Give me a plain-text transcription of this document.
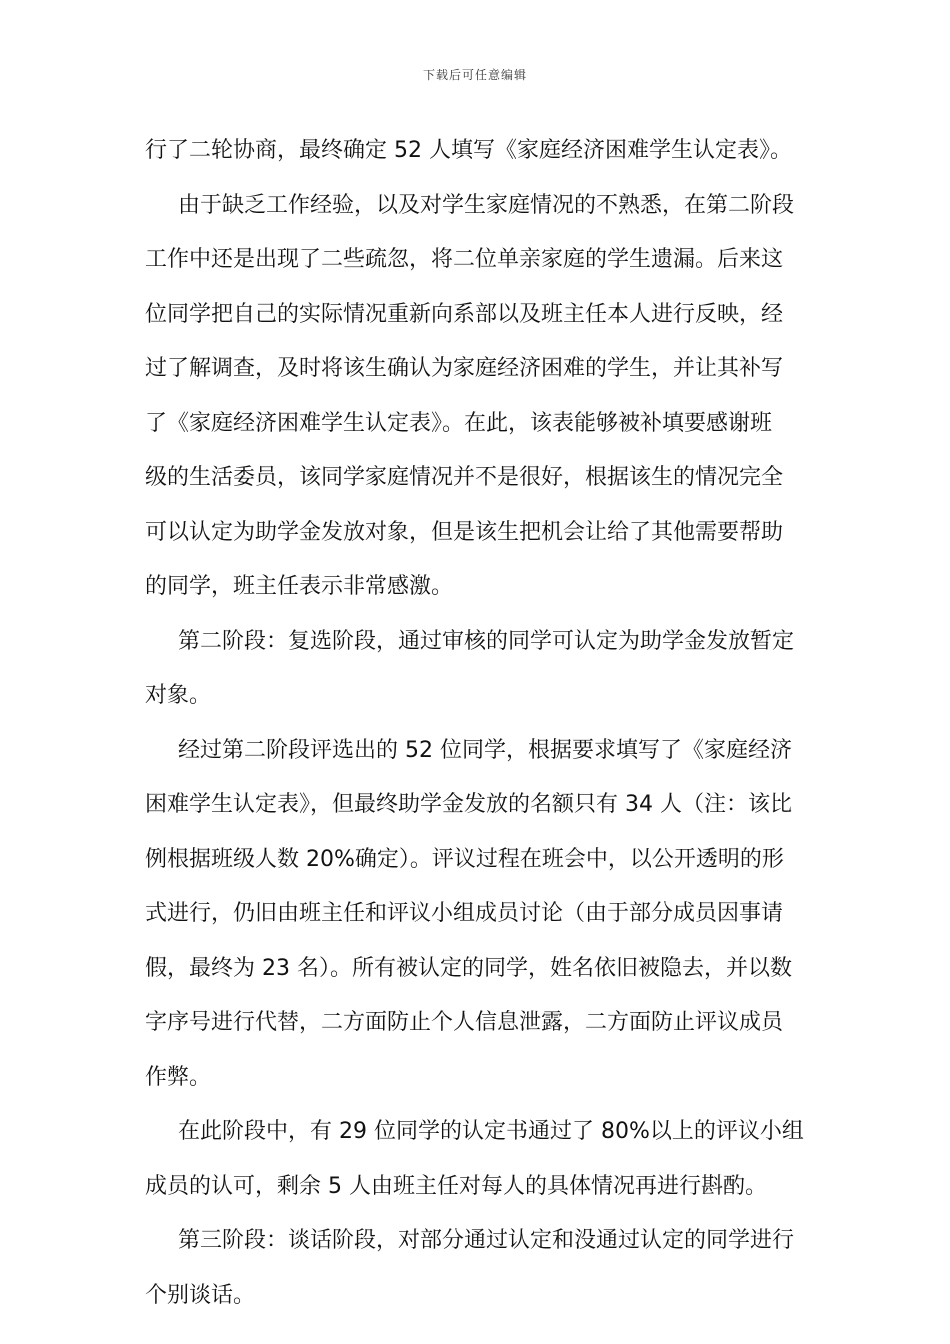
下载后可任意编辑

行了二轮协商，最终确定 52 人填写《家庭经济困难学生认定表》。

由于缺乏工作经验，以及对学生家庭情况的不熟悉，在第二阶段
工作中还是出现了二些疏忽，将二位单亲家庭的学生遗漏。后来这
位同学把自己的实际情况重新向系部以及班主任本人进行反映，经
过了解调查，及时将该生确认为家庭经济困难的学生，并让其补写
了《家庭经济困难学生认定表》。在此，该表能够被补填要感谢班
级的生活委员，该同学家庭情况并不是很好，根据该生的情况完全
可以认定为助学金发放对象，但是该生把机会让给了其他需要帮助
的同学，班主任表示非常感激。

第二阶段：复选阶段，通过审核的同学可认定为助学金发放暂定
对象。

经过第二阶段评选出的 52 位同学，根据要求填写了《家庭经济
困难学生认定表》，但最终助学金发放的名额只有 34 人（注：该比
例根据班级人数 20%确定）。评议过程在班会中，以公开透明的形
式进行，仍旧由班主任和评议小组成员讨论（由于部分成员因事请
假，最终为 23 名）。所有被认定的同学，姓名依旧被隐去，并以数
字序号进行代替，二方面防止个人信息泄露，二方面防止评议成员
作弊。

在此阶段中，有 29 位同学的认定书通过了 80%以上的评议小组
成员的认可，剩余 5 人由班主任对每人的具体情况再进行斟酌。

第三阶段：谈话阶段，对部分通过认定和没通过认定的同学进行
个别谈话。
